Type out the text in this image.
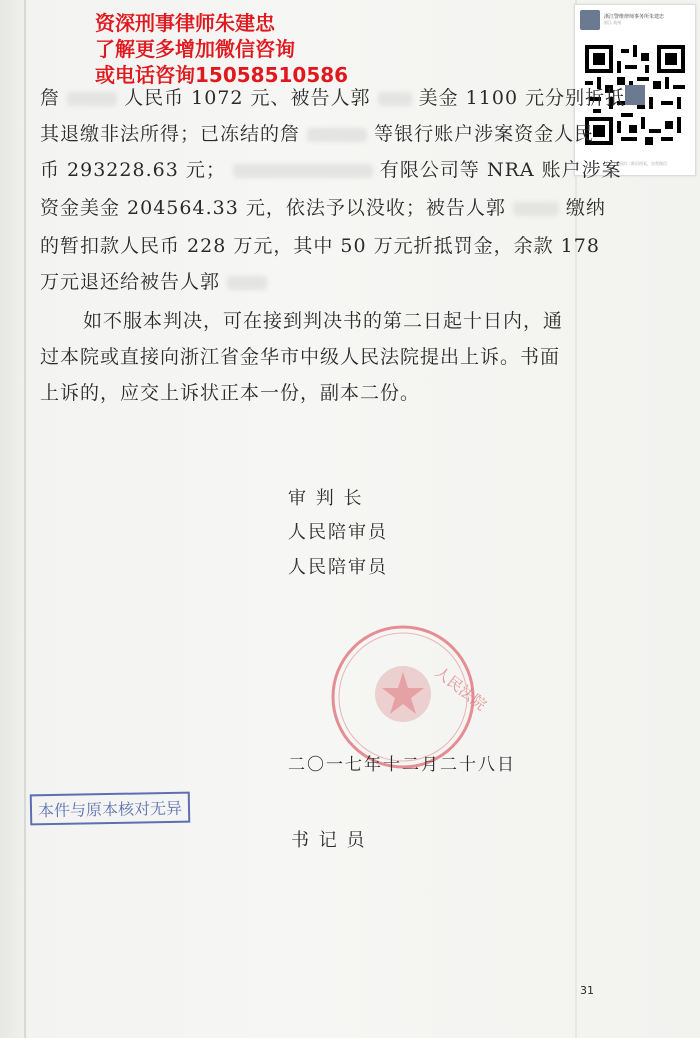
资深刑事律师朱建忠
了解更多增加微信咨询
或电话咨询15058510586
浙江警维律师事务所朱建忠
浙江 杭州
扫一扫上面的二维码图案，加我微信
詹	人民币 1072 元、被告人郭	美金 1100 元分别折抵
其退缴非法所得；已冻结的詹	等银行账户涉案资金人民
币 293228.63 元；	有限公司等 NRA 账户涉案
资金美金 204564.33 元，依法予以没收；被告人郭	缴纳
的暂扣款人民币 228 万元，其中 50 万元折抵罚金，余款 178
万元退还给被告人郭
如不服本判决，可在接到判决书的第二日起十日内，通
过本院或直接向浙江省金华市中级人民法院提出上诉。书面
上诉的，应交上诉状正本一份，副本二份。
审 判 长
人民陪审员
人民陪审员
人民法院
二〇一七年十二月二十八日
本件与原本核对无异
书 记 员
31
